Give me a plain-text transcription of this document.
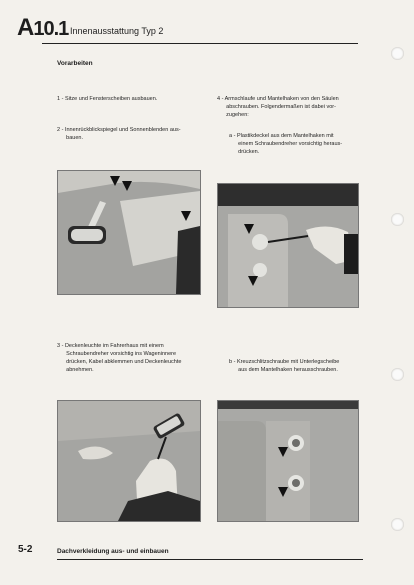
A10.1 Innenausstattung Typ 2
Vorarbeiten
1 - Sitze und Fensterscheiben ausbauen.
2 - Innenrückblickspiegel und Sonnenblenden aus-
bauen.
4 - Armschlaufe und Mantelhaken von den Säulen
abschrauben. Folgendermaßen ist dabei vor-
zugehen:
a - Plastikdeckel aus dem Mantelhaken mit
einem Schraubendreher vorsichtig heraus-
drücken.
3 - Deckenleuchte im Fahrerhaus mit einem
Schraubendreher vorsichtig ins Wageninnere
drücken, Kabel abklemmen und Deckenleuchte
abnehmen.
b - Kreuzschlitzschraube mit Unterlegscheibe
aus dem Mantelhaken herausschrauben.
5-2	Dachverkleidung aus- und einbauen
